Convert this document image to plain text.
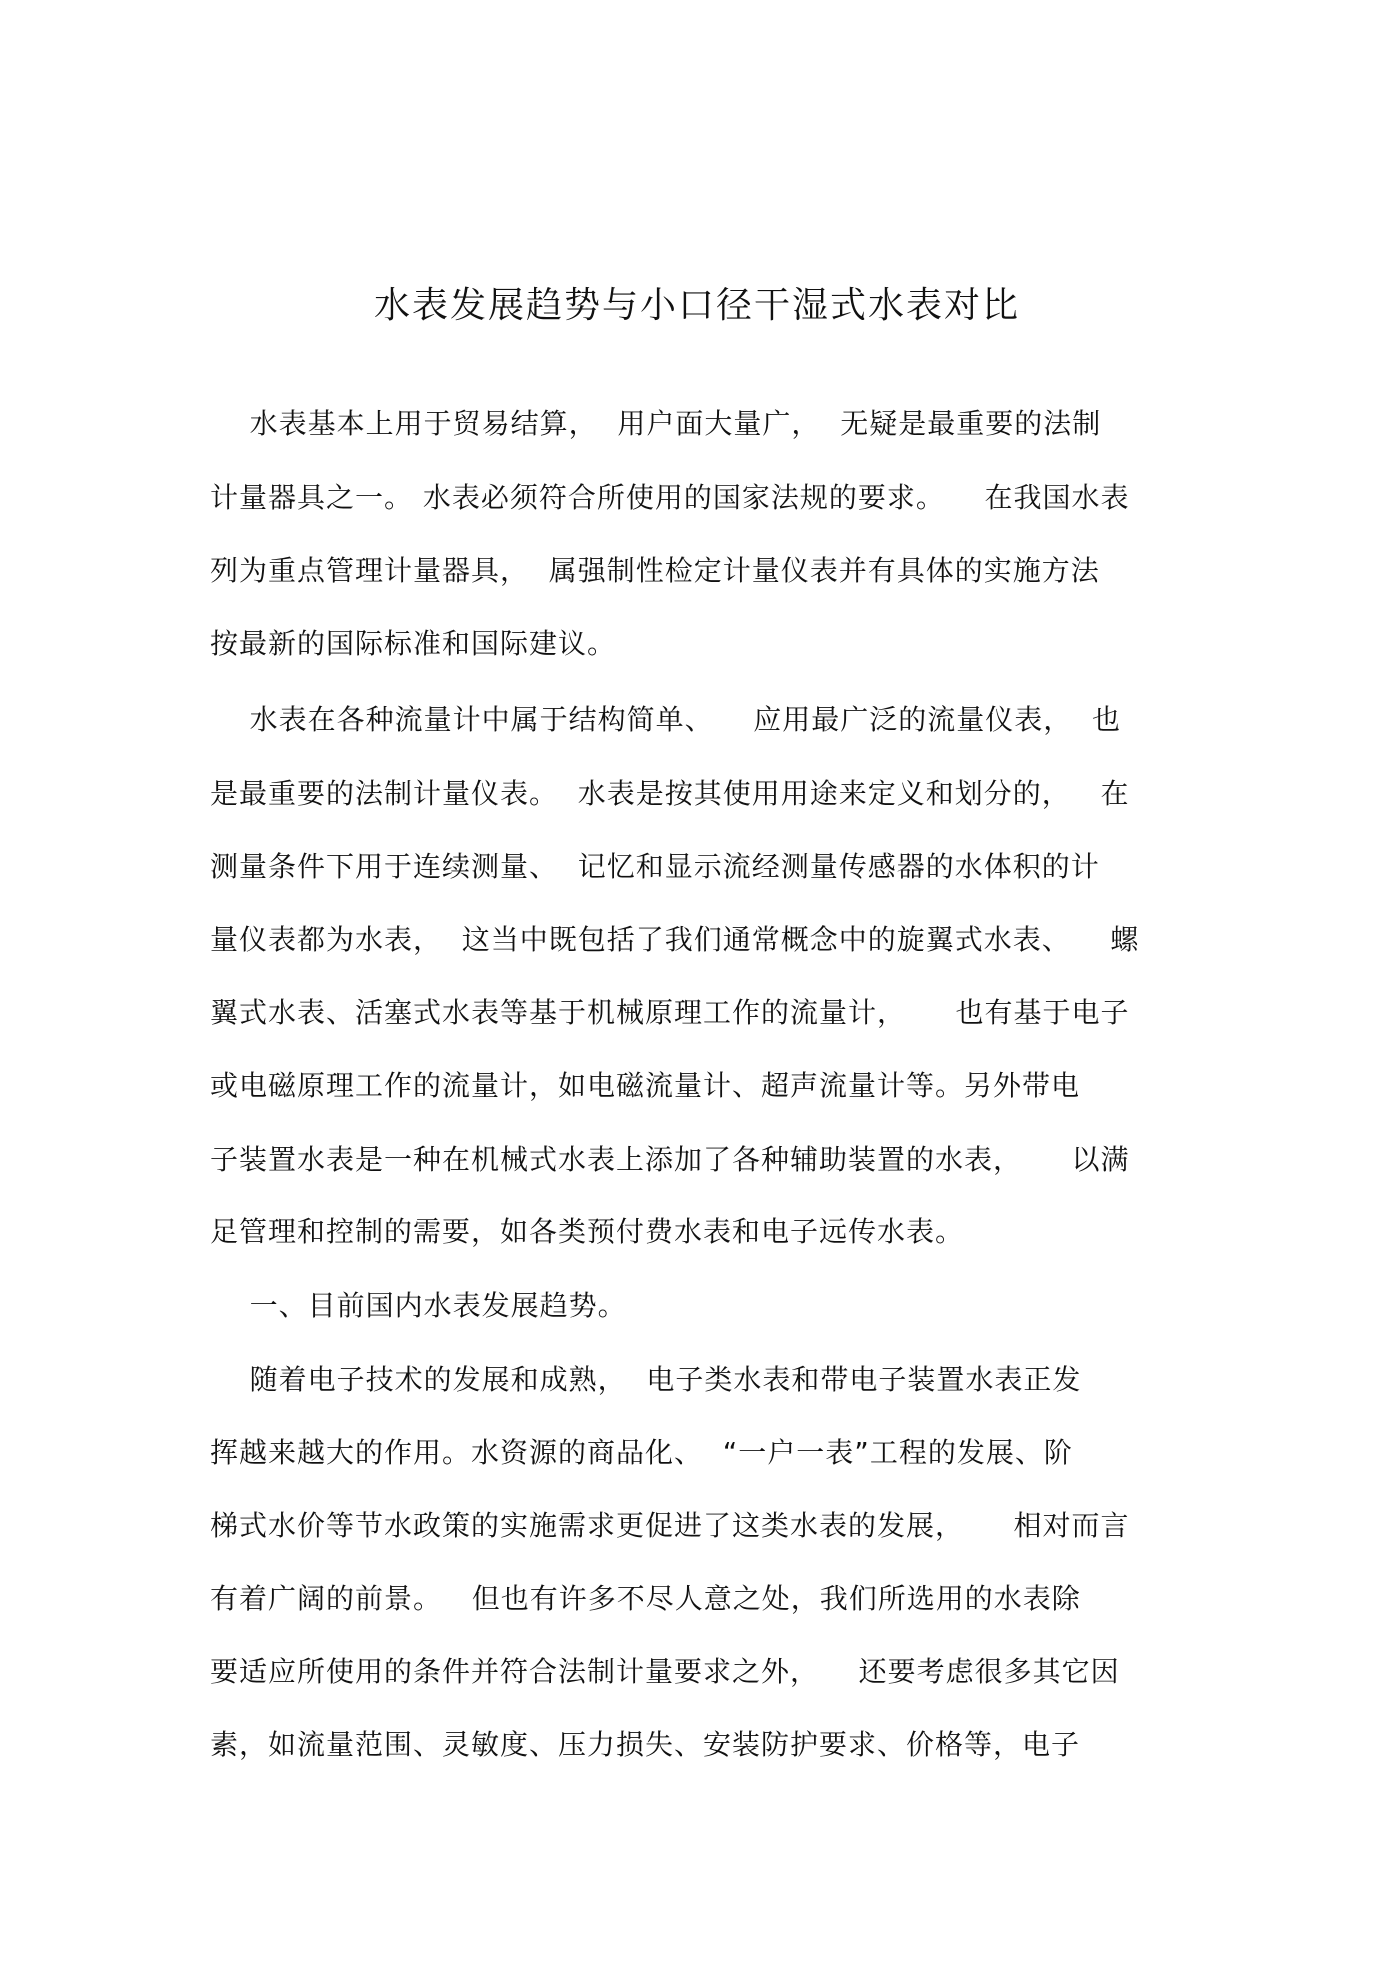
水表发展趋势与小口径干湿式水表对比
水表基本上用于贸易结算，  用户面大量广，  无疑是最重要的法制
计量器具之一。 水表必须符合所使用的国家法规的要求。    在我国水表
列为重点管理计量器具，  属强制性检定计量仪表并有具体的实施方法
按最新的国际标准和国际建议。
水表在各种流量计中属于结构简单、    应用最广泛的流量仪表，  也
是最重要的法制计量仪表。  水表是按其使用用途来定义和划分的，   在
测量条件下用于连续测量、  记忆和显示流经测量传感器的水体积的计
量仪表都为水表，  这当中既包括了我们通常概念中的旋翼式水表、    螺
翼式水表、活塞式水表等基于机械原理工作的流量计，     也有基于电子
或电磁原理工作的流量计，如电磁流量计、超声流量计等。另外带电
子装置水表是一种在机械式水表上添加了各种辅助装置的水表，     以满
足管理和控制的需要，如各类预付费水表和电子远传水表。
一、目前国内水表发展趋势。
随着电子技术的发展和成熟，  电子类水表和带电子装置水表正发
挥越来越大的作用。水资源的商品化、  “一户一表”工程的发展、阶
梯式水价等节水政策的实施需求更促进了这类水表的发展，     相对而言
有着广阔的前景。   但也有许多不尽人意之处，我们所选用的水表除
要适应所使用的条件并符合法制计量要求之外，    还要考虑很多其它因
素，如流量范围、灵敏度、压力损失、安装防护要求、价格等，电子
